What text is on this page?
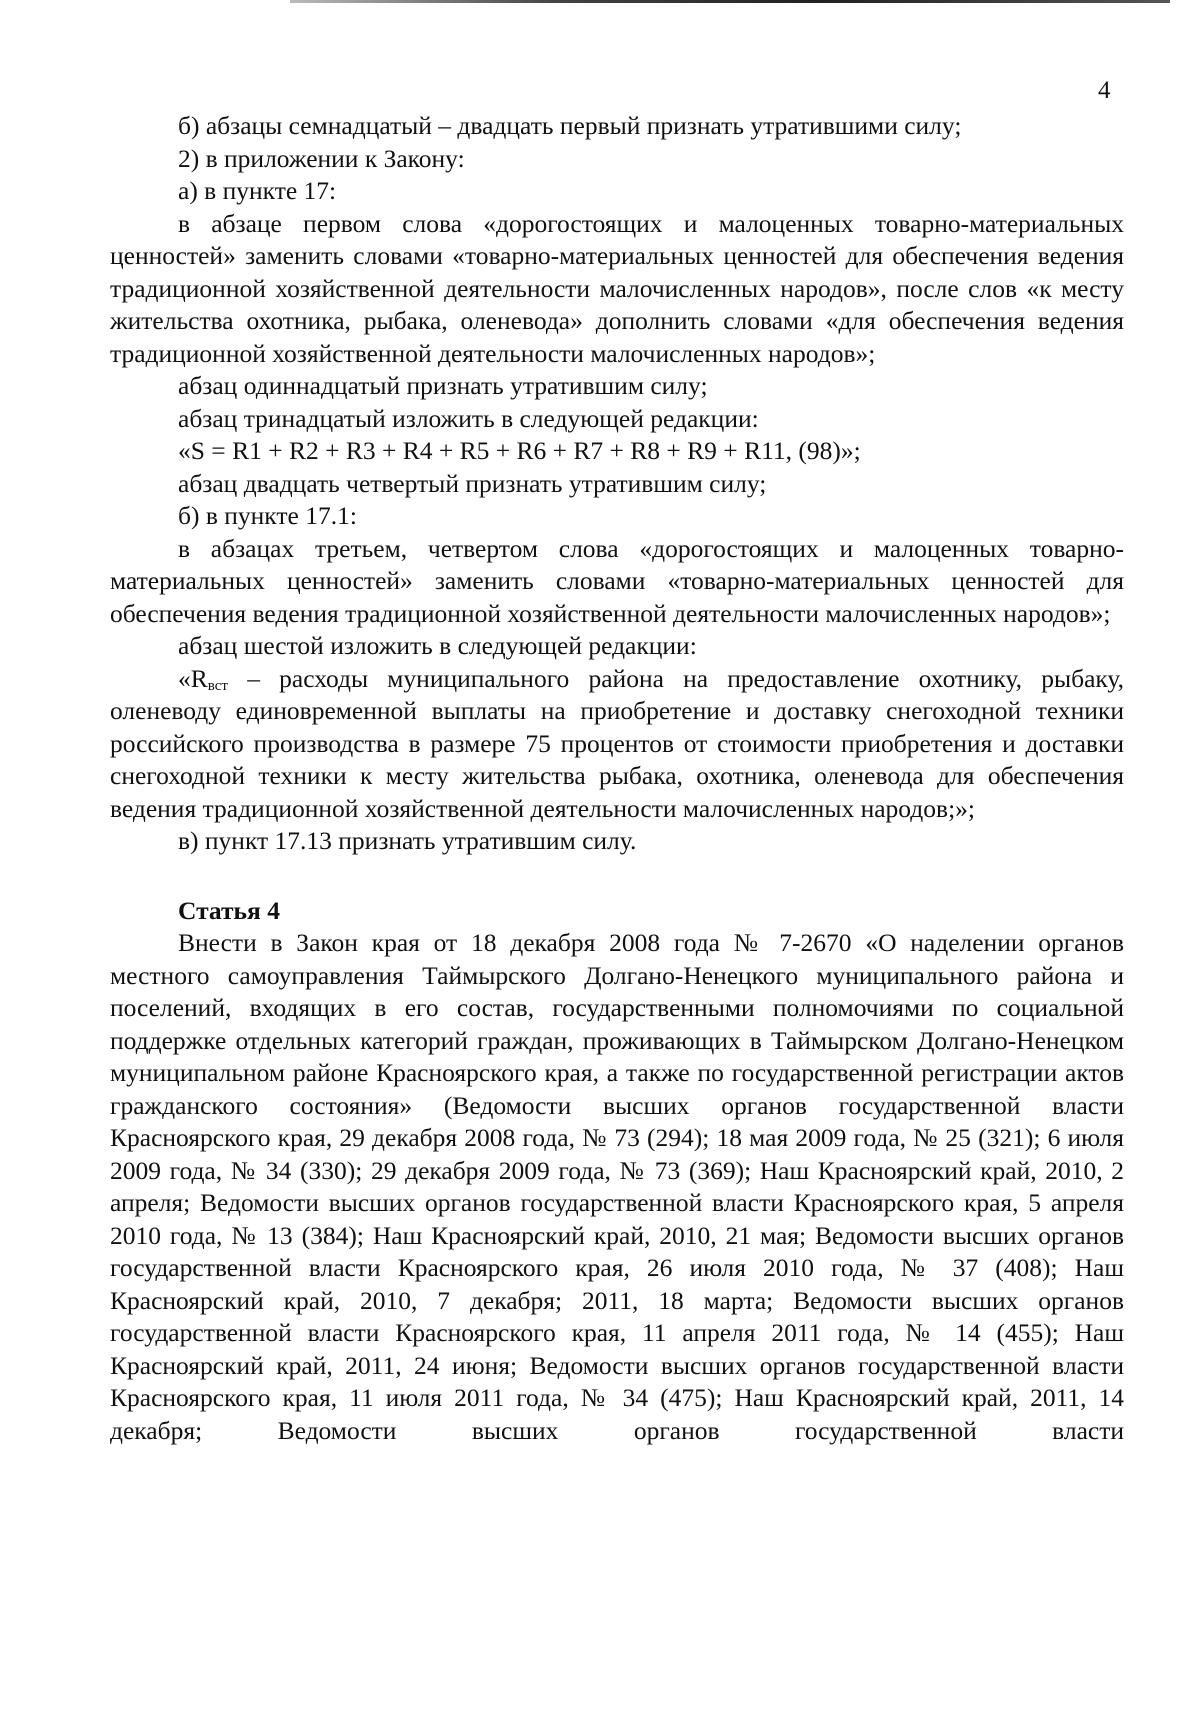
4

б) абзацы семнадцатый – двадцать первый признать утратившими силу;

2) в приложении к Закону:

а) в пункте 17:

в абзаце первом слова «дорогостоящих и малоценных товарно-материальных ценностей» заменить словами «товарно-материальных ценностей для обеспечения ведения традиционной хозяйственной деятельности малочисленных народов», после слов «к месту жительства охотника, рыбака, оленевода» дополнить словами «для обеспечения ведения традиционной хозяйственной деятельности малочисленных народов»;

абзац одиннадцатый признать утратившим силу;

абзац тринадцатый изложить в следующей редакции:

«S = R1 + R2 + R3 + R4 + R5 + R6 + R7 + R8 + R9 + R11, (98)»;

абзац двадцать четвертый признать утратившим силу;

б) в пункте 17.1:

в абзацах третьем, четвертом слова «дорогостоящих и малоценных товарно-материальных ценностей» заменить словами «товарно-материальных ценностей для обеспечения ведения традиционной хозяйственной деятельности малочисленных народов»;

абзац шестой изложить в следующей редакции:

«$R_{вст}$ – расходы муниципального района на предоставление охотнику, рыбаку, оленеводу единовременной выплаты на приобретение и доставку снегоходной техники российского производства в размере 75 процентов от стоимости приобретения и доставки снегоходной техники к месту жительства рыбака, охотника, оленевода для обеспечения ведения традиционной хозяйственной деятельности малочисленных народов;»;

в) пункт 17.13 признать утратившим силу.

Статья 4

Внести в Закон края от 18 декабря 2008 года № 7-2670 «О наделении органов местного самоуправления Таймырского Долгано-Ненецкого муниципального района и поселений, входящих в его состав, государственными полномочиями по социальной поддержке отдельных категорий граждан, проживающих в Таймырском Долгано-Ненецком муниципальном районе Красноярского края, а также по государственной регистрации актов гражданского состояния» (Ведомости высших органов государственной власти Красноярского края, 29 декабря 2008 года, № 73 (294); 18 мая 2009 года, № 25 (321); 6 июля 2009 года, № 34 (330); 29 декабря 2009 года, № 73 (369); Наш Красноярский край, 2010, 2 апреля; Ведомости высших органов государственной власти Красноярского края, 5 апреля 2010 года, № 13 (384); Наш Красноярский край, 2010, 21 мая; Ведомости высших органов государственной власти Красноярского края, 26 июля 2010 года, № 37 (408); Наш Красноярский край, 2010, 7 декабря; 2011, 18 марта; Ведомости высших органов государственной власти Красноярского края, 11 апреля 2011 года, № 14 (455); Наш Красноярский край, 2011, 24 июня; Ведомости высших органов государственной власти Красноярского края, 11 июля 2011 года, № 34 (475); Наш Красноярский край, 2011, 14 декабря; Ведомости высших органов государственной власти
